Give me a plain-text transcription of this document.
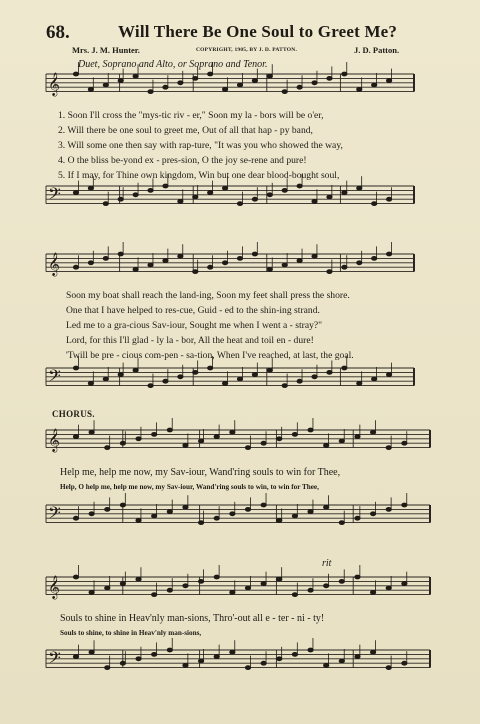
68.	Will There Be One Soul to Greet Me?
Mrs. J. M. Hunter.	COPYRIGHT, 1905, BY J. D. PATTON.	J. D. Patton.
Duet, Soprano and Alto, or Soprano and Tenor.
𝄞
𝄢
𝄞
𝄢
𝄞
𝄢
𝄞
𝄢
1. Soon I'll cross the "mys-tic riv - er," Soon my la - bors will be o'er,
2. Will there be one soul to greet me, Out of all that hap - py band,
3. Will some one then say with rap-ture, "It was you who showed the way,
4. O the bliss be-yond ex - pres-sion, O the joy se-rene and pure!
5. If I may, for Thine own kingdom, Win but one dear blood-bought soul,
Soon my boat shall reach the land-ing, Soon my feet shall press the shore.
One that I have helped to res-cue, Guid - ed to the shin-ing strand.
Led me to a gra-cious Sav-iour, Sought me when I went a - stray?"
Lord, for this I'll glad - ly la - bor, All the heat and toil en - dure!
'Twill be pre - cious com-pen - sa-tion, When I've reached, at last, the goal.
CHORUS.
Help me, help me now, my Sav-iour, Wand'ring souls to win for Thee,
Help, O help me, help me now, my Sav-iour, Wand'ring souls to win, to win for Thee,
rit
Souls to shine in Heav'nly man-sions, Thro'-out all e - ter - ni - ty!
Souls to shine, to shine in Heav'nly man-sions,
